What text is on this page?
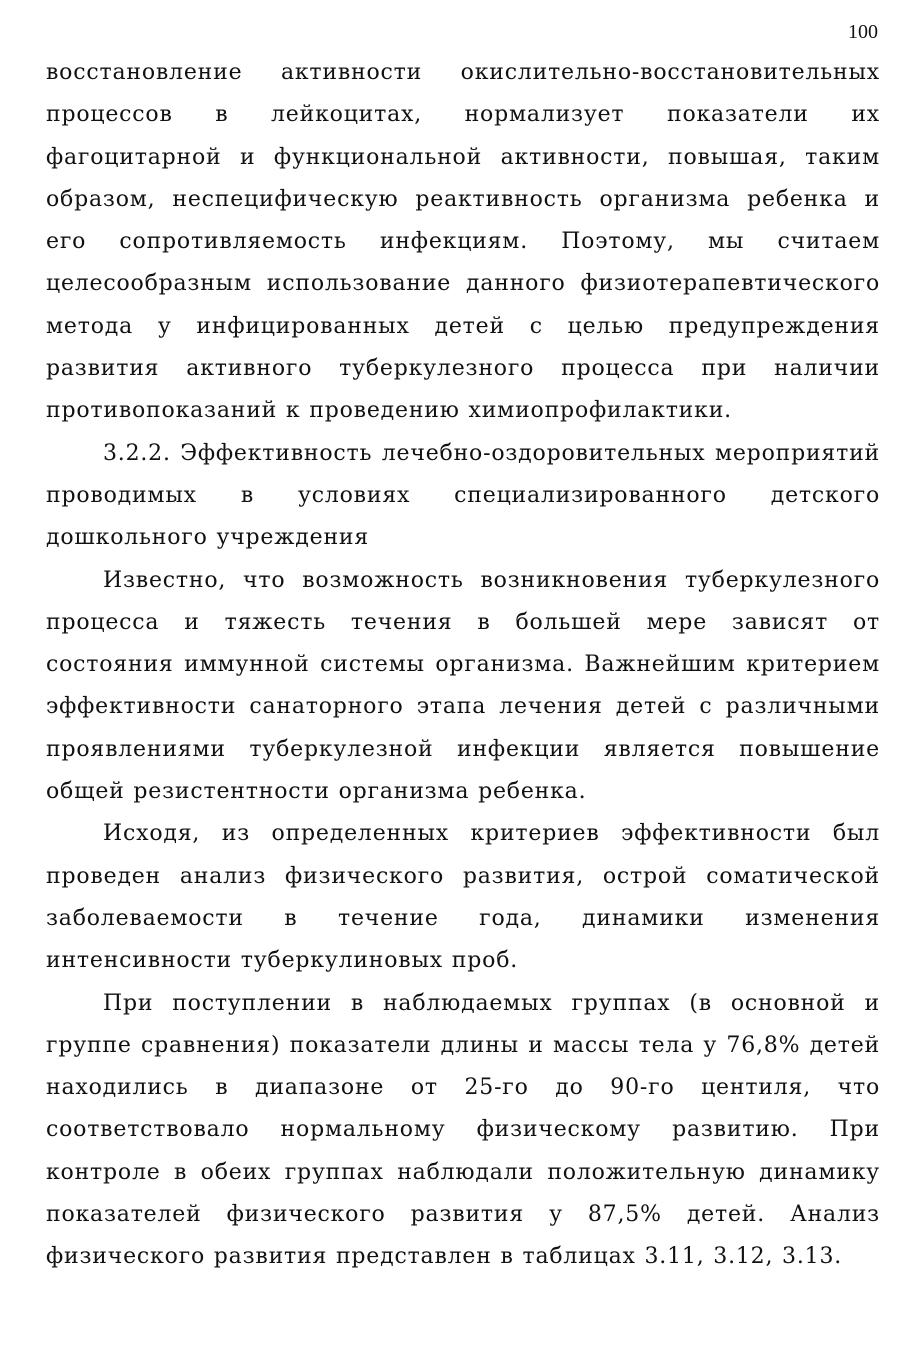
100

восстановление активности окислительно-восстановительных процессов в лейкоцитах, нормализует показатели их фагоцитарной и функциональной активности, повышая, таким образом, неспецифическую реактивность организма ребенка и его сопротивляемость инфекциям. Поэтому, мы считаем целесообразным использование данного физиотерапевтического метода у инфицированных детей с целью предупреждения развития активного туберкулезного процесса при наличии противопоказаний к проведению химиопрофилактики.

3.2.2. Эффективность лечебно-оздоровительных мероприятий проводимых в условиях специализированного детского дошкольного учреждения

Известно, что возможность возникновения туберкулезного процесса и тяжесть течения в большей мере зависят от состояния иммунной системы организма. Важнейшим критерием эффективности санаторного этапа лечения детей с различными проявлениями туберкулезной инфекции является повышение общей резистентности организма ребенка.

Исходя, из определенных критериев эффективности был проведен анализ физического развития, острой соматической заболеваемости в течение года, динамики изменения интенсивности туберкулиновых проб.

При поступлении в наблюдаемых группах (в основной и группе сравнения) показатели длины и массы тела у 76,8% детей находились в диапазоне от 25-го до 90-го центиля, что соответствовало нормальному физическому развитию. При контроле в обеих группах наблюдали положительную динамику показателей физического развития у 87,5% детей. Анализ физического развития представлен в таблицах 3.11, 3.12, 3.13.
